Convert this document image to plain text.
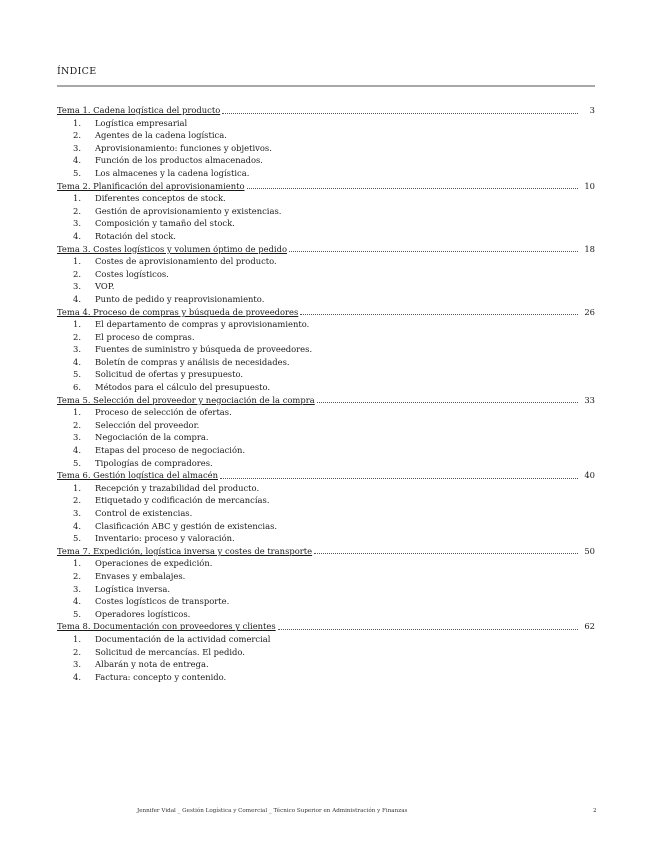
ÍNDICE
Tema 1. Cadena logística del producto	3
1.	Logística empresarial
2.	Agentes de la cadena logística.
3.	Aprovisionamiento: funciones y objetivos.
4.	Función de los productos almacenados.
5.	Los almacenes y la cadena logística.
Tema 2. Planificación del aprovisionamiento	10
1.	Diferentes conceptos de stock.
2.	Gestión de aprovisionamiento y existencias.
3.	Composición y tamaño del stock.
4.	Rotación del stock.
Tema 3. Costes logísticos y volumen óptimo de pedido	18
1.	Costes de aprovisionamiento del producto.
2.	Costes logísticos.
3.	VOP.
4.	Punto de pedido y reaprovisionamiento.
Tema 4. Proceso de compras y búsqueda de proveedores	26
1.	El departamento de compras y aprovisionamiento.
2.	El proceso de compras.
3.	Fuentes de suministro y búsqueda de proveedores.
4.	Boletín de compras y análisis de necesidades.
5.	Solicitud de ofertas y presupuesto.
6.	Métodos para el cálculo del presupuesto.
Tema 5. Selección del proveedor y negociación de la compra	33
1.	Proceso de selección de ofertas.
2.	Selección del proveedor.
3.	Negociación de la compra.
4.	Etapas del proceso de negociación.
5.	Tipologías de compradores.
Tema 6. Gestión logística del almacén	40
1.	Recepción y trazabilidad del producto.
2.	Etiquetado y codificación de mercancías.
3.	Control de existencias.
4.	Clasificación ABC y gestión de existencias.
5.	Inventario: proceso y valoración.
Tema 7. Expedición, logística inversa y costes de transporte	50
1.	Operaciones de expedición.
2.	Envases y embalajes.
3.	Logística inversa.
4.	Costes logísticos de transporte.
5.	Operadores logísticos.
Tema 8. Documentación con proveedores y clientes	62
1.	Documentación de la actividad comercial
2.	Solicitud de mercancías. El pedido.
3.	Albarán y nota de entrega.
4.	Factura: concepto y contenido.
Jennifer Vidal _ Gestión Logística y Comercial _ Técnico Superior en Administración y Finanzas	2
